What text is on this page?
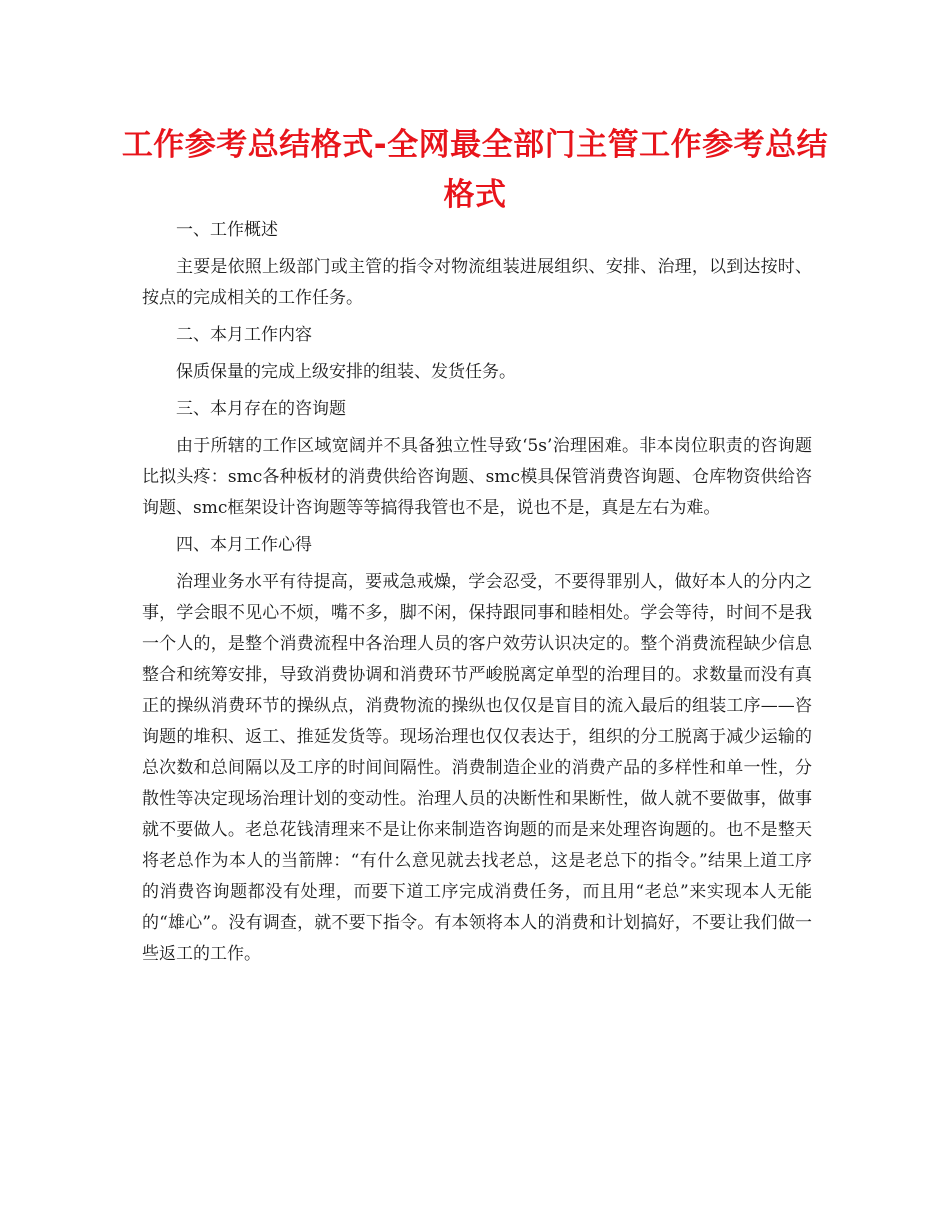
工作参考总结格式-全网最全部门主管工作参考总结格式

一、工作概述

主要是依照上级部门或主管的指令对物流组装进展组织、安排、治理，以到达按时、按点的完成相关的工作任务。

二、本月工作内容

保质保量的完成上级安排的组装、发货任务。

三、本月存在的咨询题

由于所辖的工作区域宽阔并不具备独立性导致‘5s’治理困难。非本岗位职责的咨询题比拟头疼：smc各种板材的消费供给咨询题、smc模具保管消费咨询题、仓库物资供给咨询题、smc框架设计咨询题等等搞得我管也不是，说也不是，真是左右为难。

四、本月工作心得

治理业务水平有待提高，要戒急戒燥，学会忍受，不要得罪别人，做好本人的分内之事，学会眼不见心不烦，嘴不多，脚不闲，保持跟同事和睦相处。学会等待，时间不是我一个人的，是整个消费流程中各治理人员的客户效劳认识决定的。整个消费流程缺少信息整合和统筹安排，导致消费协调和消费环节严峻脱离定单型的治理目的。求数量而没有真正的操纵消费环节的操纵点，消费物流的操纵也仅仅是盲目的流入最后的组装工序——咨询题的堆积、返工、推延发货等。现场治理也仅仅表达于，组织的分工脱离于减少运输的总次数和总间隔以及工序的时间间隔性。消费制造企业的消费产品的多样性和单一性，分散性等决定现场治理计划的变动性。治理人员的决断性和果断性，做人就不要做事，做事就不要做人。老总花钱清理来不是让你来制造咨询题的而是来处理咨询题的。也不是整天将老总作为本人的当箭牌：“有什么意见就去找老总，这是老总下的指令。”结果上道工序的消费咨询题都没有处理，而要下道工序完成消费任务，而且用“老总”来实现本人无能的“雄心”。没有调查，就不要下指令。有本领将本人的消费和计划搞好，不要让我们做一些返工的工作。
